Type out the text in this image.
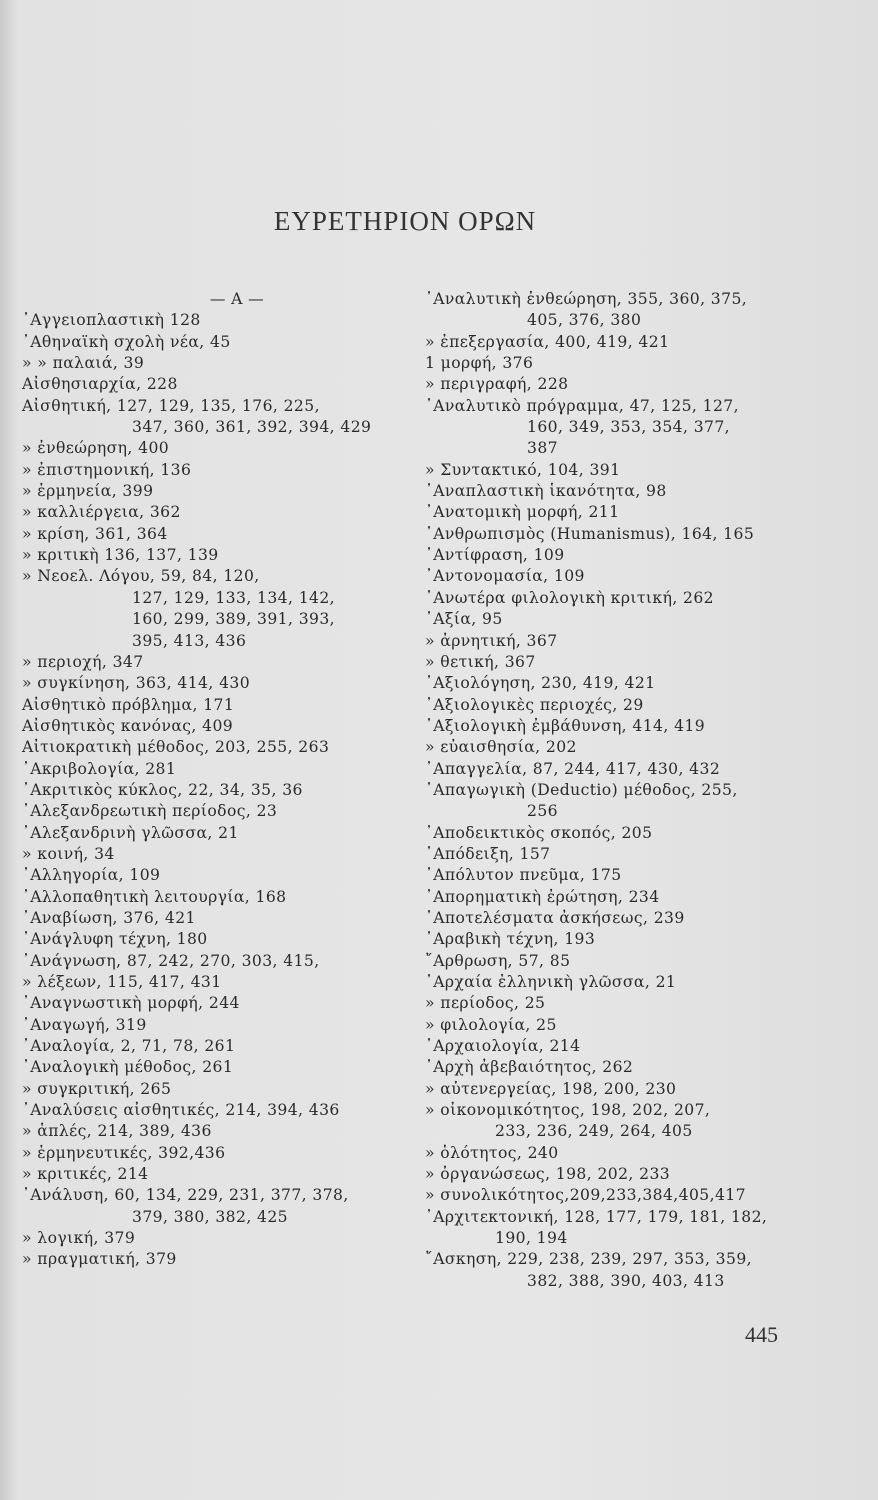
ΕΥΡΕΤΗΡΙΟΝ ΟΡΩΝ
— Α —
᾽Αγγειοπλαστικὴ 128
᾽Αθηναϊκὴ σχολὴ νέα, 45
» » παλαιά, 39
Αἰσθησιαρχία, 228
Αἰσθητική, 127, 129, 135, 176, 225,
347, 360, 361, 392, 394, 429
» ἐνθεώρηση, 400
» ἐπιστημονική, 136
» ἑρμηνεία, 399
» καλλιέργεια, 362
» κρίση, 361, 364
» κριτικὴ 136, 137, 139
» Νεοελ. Λόγου, 59, 84, 120,
127, 129, 133, 134, 142,
160, 299, 389, 391, 393,
395, 413, 436
» περιοχή, 347
» συγκίνηση, 363, 414, 430
Αἰσθητικὸ πρόβλημα, 171
Αἰσθητικὸς κανόνας, 409
Αἰτιοκρατικὴ μέθοδος, 203, 255, 263
᾽Ακριβολογία, 281
᾽Ακριτικὸς κύκλος, 22, 34, 35, 36
᾽Αλεξανδρεωτικὴ περίοδος, 23
᾽Αλεξανδρινὴ γλῶσσα, 21
» κοινή, 34
᾽Αλληγορία, 109
᾽Αλλοπαθητικὴ λειτουργία, 168
᾽Αναβίωση, 376, 421
᾽Ανάγλυφη τέχνη, 180
᾽Ανάγνωση, 87, 242, 270, 303, 415,
» λέξεων, 115, 417, 431
᾽Αναγνωστικὴ μορφή, 244
᾽Αναγωγή, 319
᾽Αναλογία, 2, 71, 78, 261
᾽Αναλογικὴ μέθοδος, 261
» συγκριτική, 265
᾽Αναλύσεις αἰσθητικές, 214, 394, 436
» ἁπλές, 214, 389, 436
» ἑρμηνευτικές, 392,436
» κριτικές, 214
᾽Ανάλυση, 60, 134, 229, 231, 377, 378,
379, 380, 382, 425
» λογική, 379
» πραγματική, 379
᾽Αναλυτικὴ ἐνθεώρηση, 355, 360, 375,
405, 376, 380
» ἐπεξεργασία, 400, 419, 421
1 μορφή, 376
» περιγραφή, 228
᾽Αναλυτικὸ πρόγραμμα, 47, 125, 127,
160, 349, 353, 354, 377,
387
» Συντακτικό, 104, 391
᾽Αναπλαστικὴ ἱκανότητα, 98
᾽Ανατομικὴ μορφή, 211
᾽Ανθρωπισμὸς (Humanismus), 164, 165
᾽Αντίφραση, 109
᾽Αντονομασία, 109
᾽Ανωτέρα φιλολογικὴ κριτική, 262
᾽Αξία, 95
» ἀρνητική, 367
» θετική, 367
᾽Αξιολόγηση, 230, 419, 421
᾽Αξιολογικὲς περιοχές, 29
᾽Αξιολογικὴ ἐμβάθυνση, 414, 419
» εὐαισθησία, 202
᾽Απαγγελία, 87, 244, 417, 430, 432
᾽Απαγωγικὴ (Deductio) μέθοδος, 255,
256
᾽Αποδεικτικὸς σκοπός, 205
᾽Απόδειξη, 157
᾽Απόλυτον πνεῦμα, 175
᾽Απορηματικὴ ἐρώτηση, 234
᾽Αποτελέσματα ἀσκήσεως, 239
᾽Αραβικὴ τέχνη, 193
῎Αρθρωση, 57, 85
᾽Αρχαία ἑλληνικὴ γλῶσσα, 21
» περίοδος, 25
» φιλολογία, 25
᾽Αρχαιολογία, 214
᾽Αρχὴ ἀβεβαιότητος, 262
» αὐτενεργείας, 198, 200, 230
» οἰκονομικότητος, 198, 202, 207,
233, 236, 249, 264, 405
» ὁλότητος, 240
» ὀργανώσεως, 198, 202, 233
» συνολικότητος,209,233,384,405,417
᾽Αρχιτεκτονική, 128, 177, 179, 181, 182,
190, 194
῎Ασκηση, 229, 238, 239, 297, 353, 359,
382, 388, 390, 403, 413
445
